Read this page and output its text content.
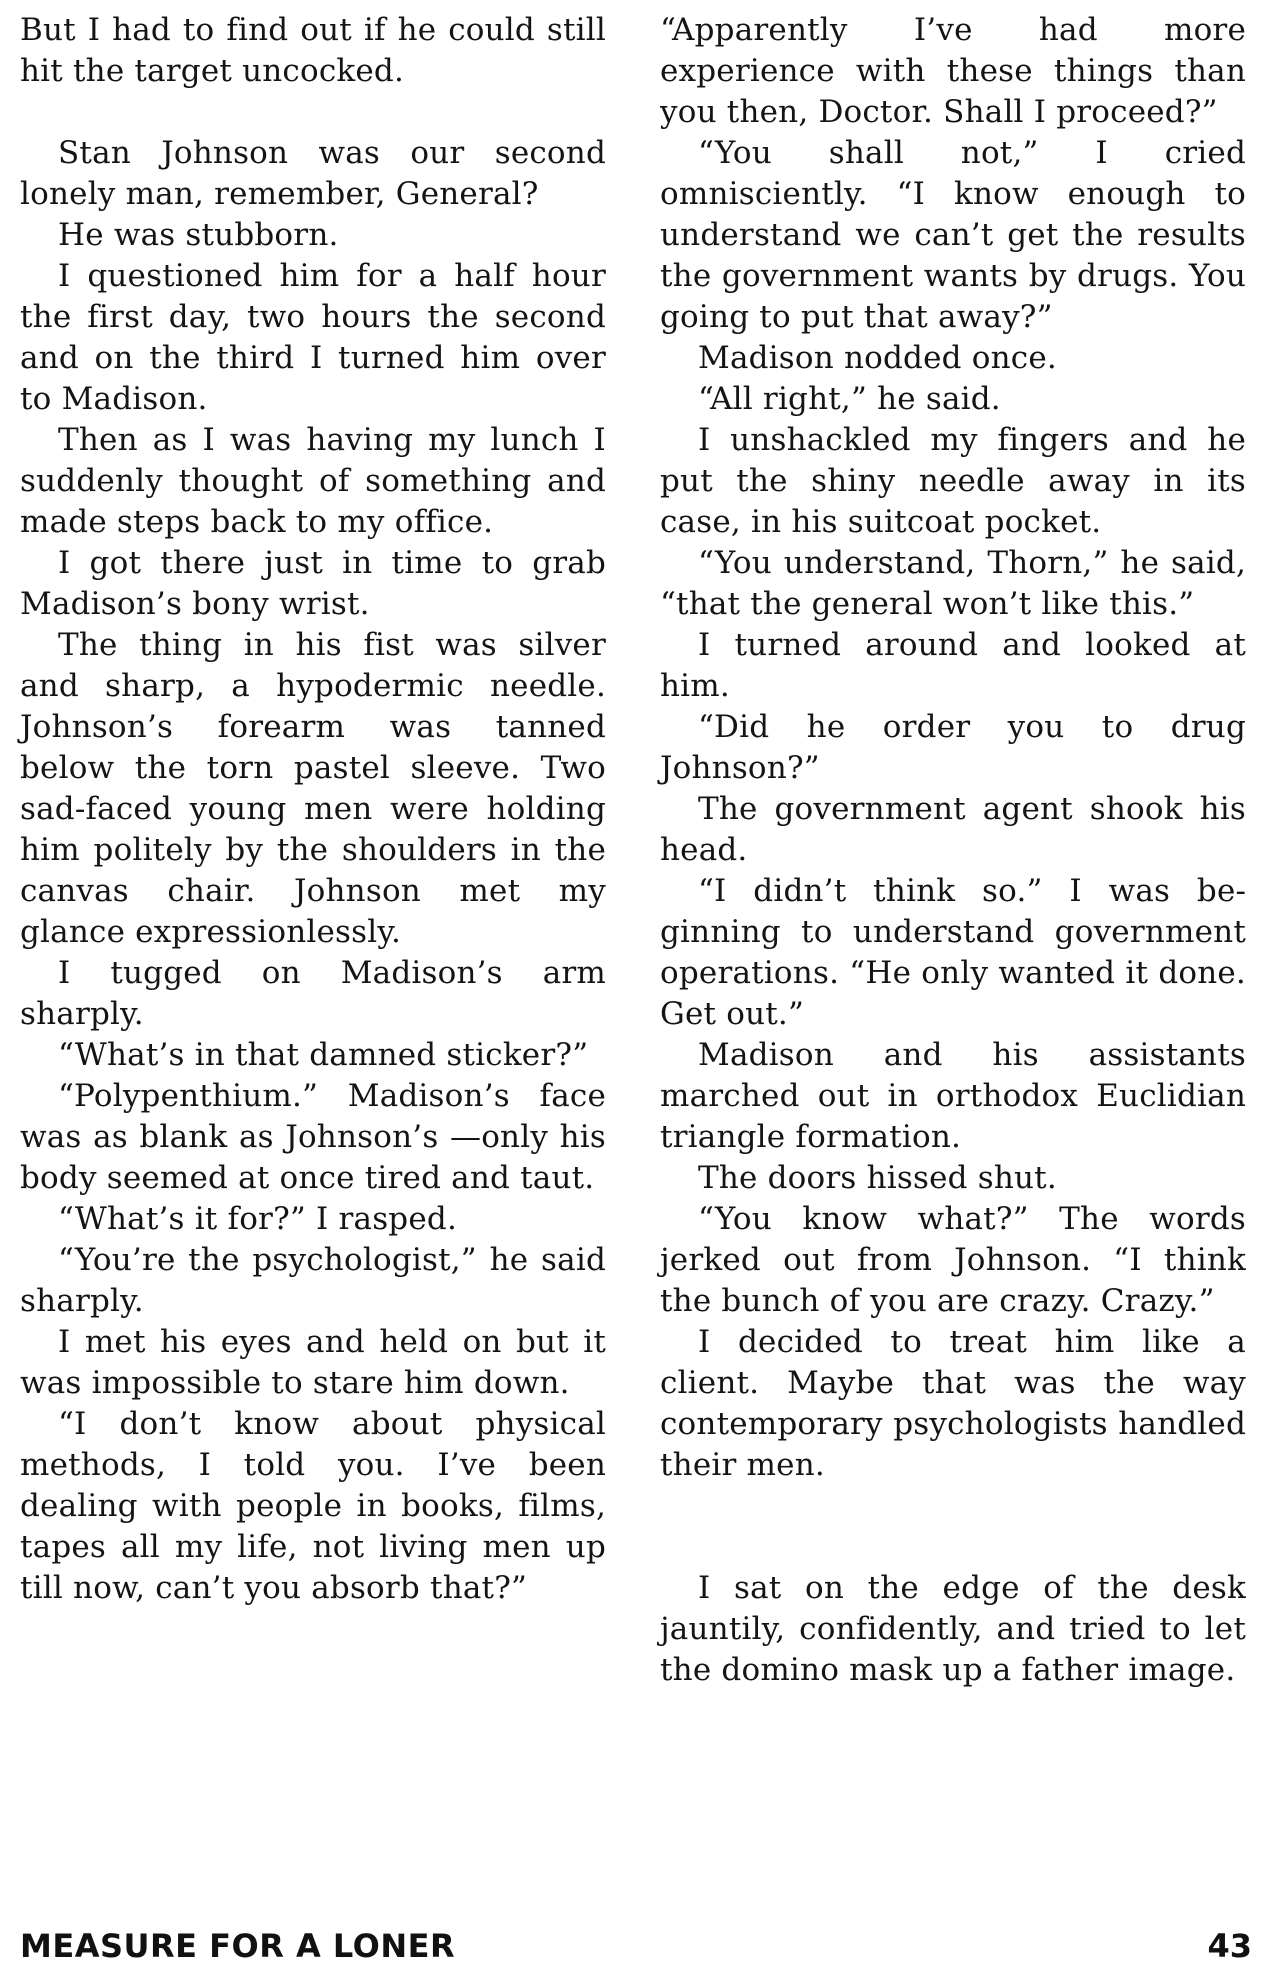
But I had to find out if he could still hit the target uncocked.

Stan Johnson was our second lonely man, remember, General?

He was stubborn.

I questioned him for a half hour the first day, two hours the second and on the third I turned him over to Madison.

Then as I was having my lunch I suddenly thought of something and made steps back to my office.

I got there just in time to grab Madison’s bony wrist.

The thing in his fist was silver and sharp, a hypodermic needle. Johnson’s forearm was tanned below the torn pastel sleeve. Two sad-faced young men were holding him politely by the shoulders in the canvas chair. Johnson met my glance expressionlessly.

I tugged on Madison’s arm sharply.

“What’s in that damned sticker?”

“Polypenthium.” Madison’s face was as blank as Johnson’s —only his body seemed at once tired and taut.

“What’s it for?” I rasped.

“You’re the psychologist,” he said sharply.

I met his eyes and held on but it was impossible to stare him down.

“I don’t know about physical methods, I told you. I’ve been dealing with people in books, films, tapes all my life, not living men up till now, can’t you absorb that?”

“Apparently I’ve had more experience with these things than you then, Doctor. Shall I proceed?”

“You shall not,” I cried omnisciently. “I know enough to understand we can’t get the results the government wants by drugs. You going to put that away?”

Madison nodded once.

“All right,” he said.

I unshackled my fingers and he put the shiny needle away in its case, in his suitcoat pocket.

“You understand, Thorn,” he said, “that the general won’t like this.”

I turned around and looked at him.

“Did he order you to drug Johnson?”

The government agent shook his head.

“I didn’t think so.” I was beginning to understand government operations. “He only wanted it done. Get out.”

Madison and his assistants marched out in orthodox Euclidian triangle formation.

The doors hissed shut.

“You know what?” The words jerked out from Johnson. “I think the bunch of you are crazy. Crazy.”

I decided to treat him like a client. Maybe that was the way contemporary psychologists handled their men.

I sat on the edge of the desk jauntily, confidently, and tried to let the domino mask up a father image.

MEASURE FOR A LONER	43
